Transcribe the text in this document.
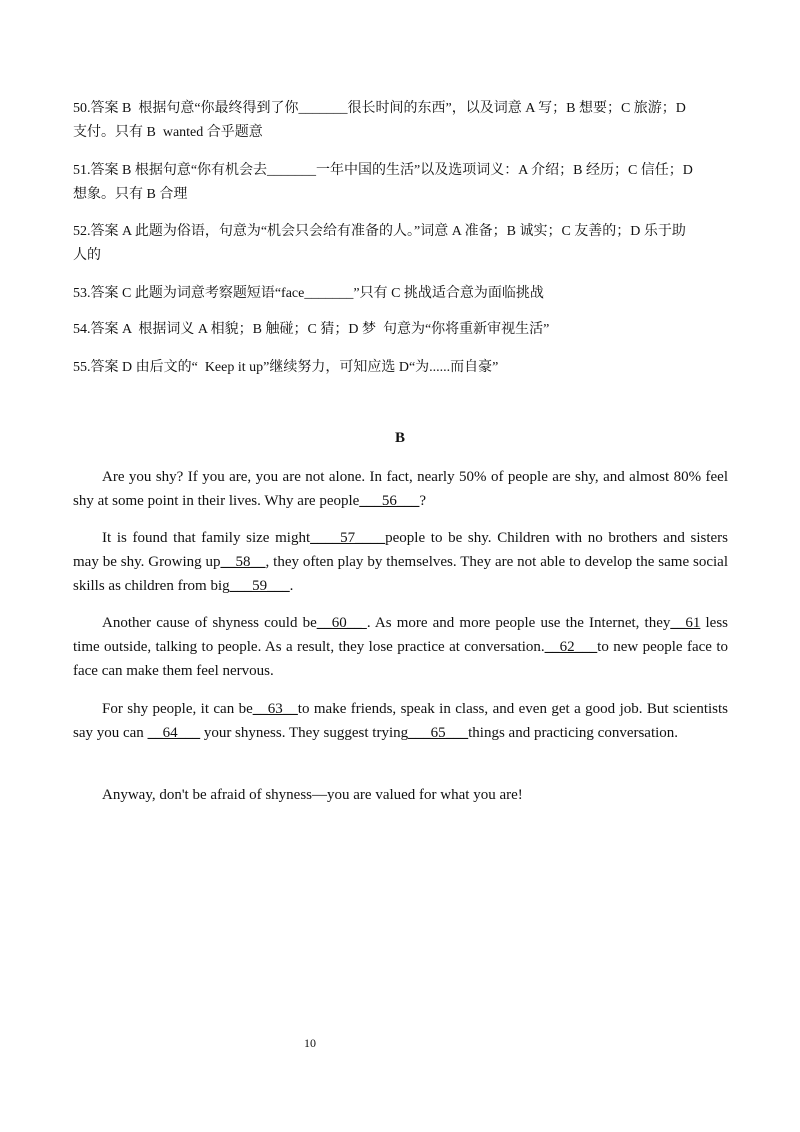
50.答案 B  根据句意“你最终得到了你_______很长时间的东西”，以及词意 A 写；B 想要；C 旅游；D
支付。只有 B  wanted 合乎题意
51.答案 B 根据句意“你有机会去_______一年中国的生活”以及选项词义：A 介绍；B 经历；C 信任；D
想象。只有 B 合理
52.答案 A 此题为俗语，句意为“机会只会给有准备的人。”词意 A 准备；B 诚实；C 友善的；D 乐于助
人的
53.答案 C 此题为词意考察题短语“face_______”只有 C 挑战适合意为面临挑战
54.答案 A  根据词义 A 相貌；B 触碰；C 猜；D 梦  句意为“你将重新审视生活”
55.答案 D 由后文的“  Keep it up”继续努力，可知应选 D“为......而自豪”
B
Are you shy? If you are, you are not alone. In fact, nearly 50% of people are shy, and almost 80% feel shy at some point in their lives. Why are people___56___?
It is found that family size might____57____people to be shy. Children with no brothers and sisters may be shy. Growing up__58__, they often play by themselves. They are not able to develop the same social skills as children from big___59___.
Another cause of shyness could be__60__ . As more and more people use the Internet, they__61 less time outside, talking to people. As a result, they lose practice at conversation.__62___to new people face to face can make them feel nervous.
For shy people, it can be__63__to make friends, speak in class, and even get a good job. But scientists say you can __64___ your shyness. They suggest trying___65___things and practicing conversation.
Anyway, don't be afraid of shyness—you are valued for what you are!
10
